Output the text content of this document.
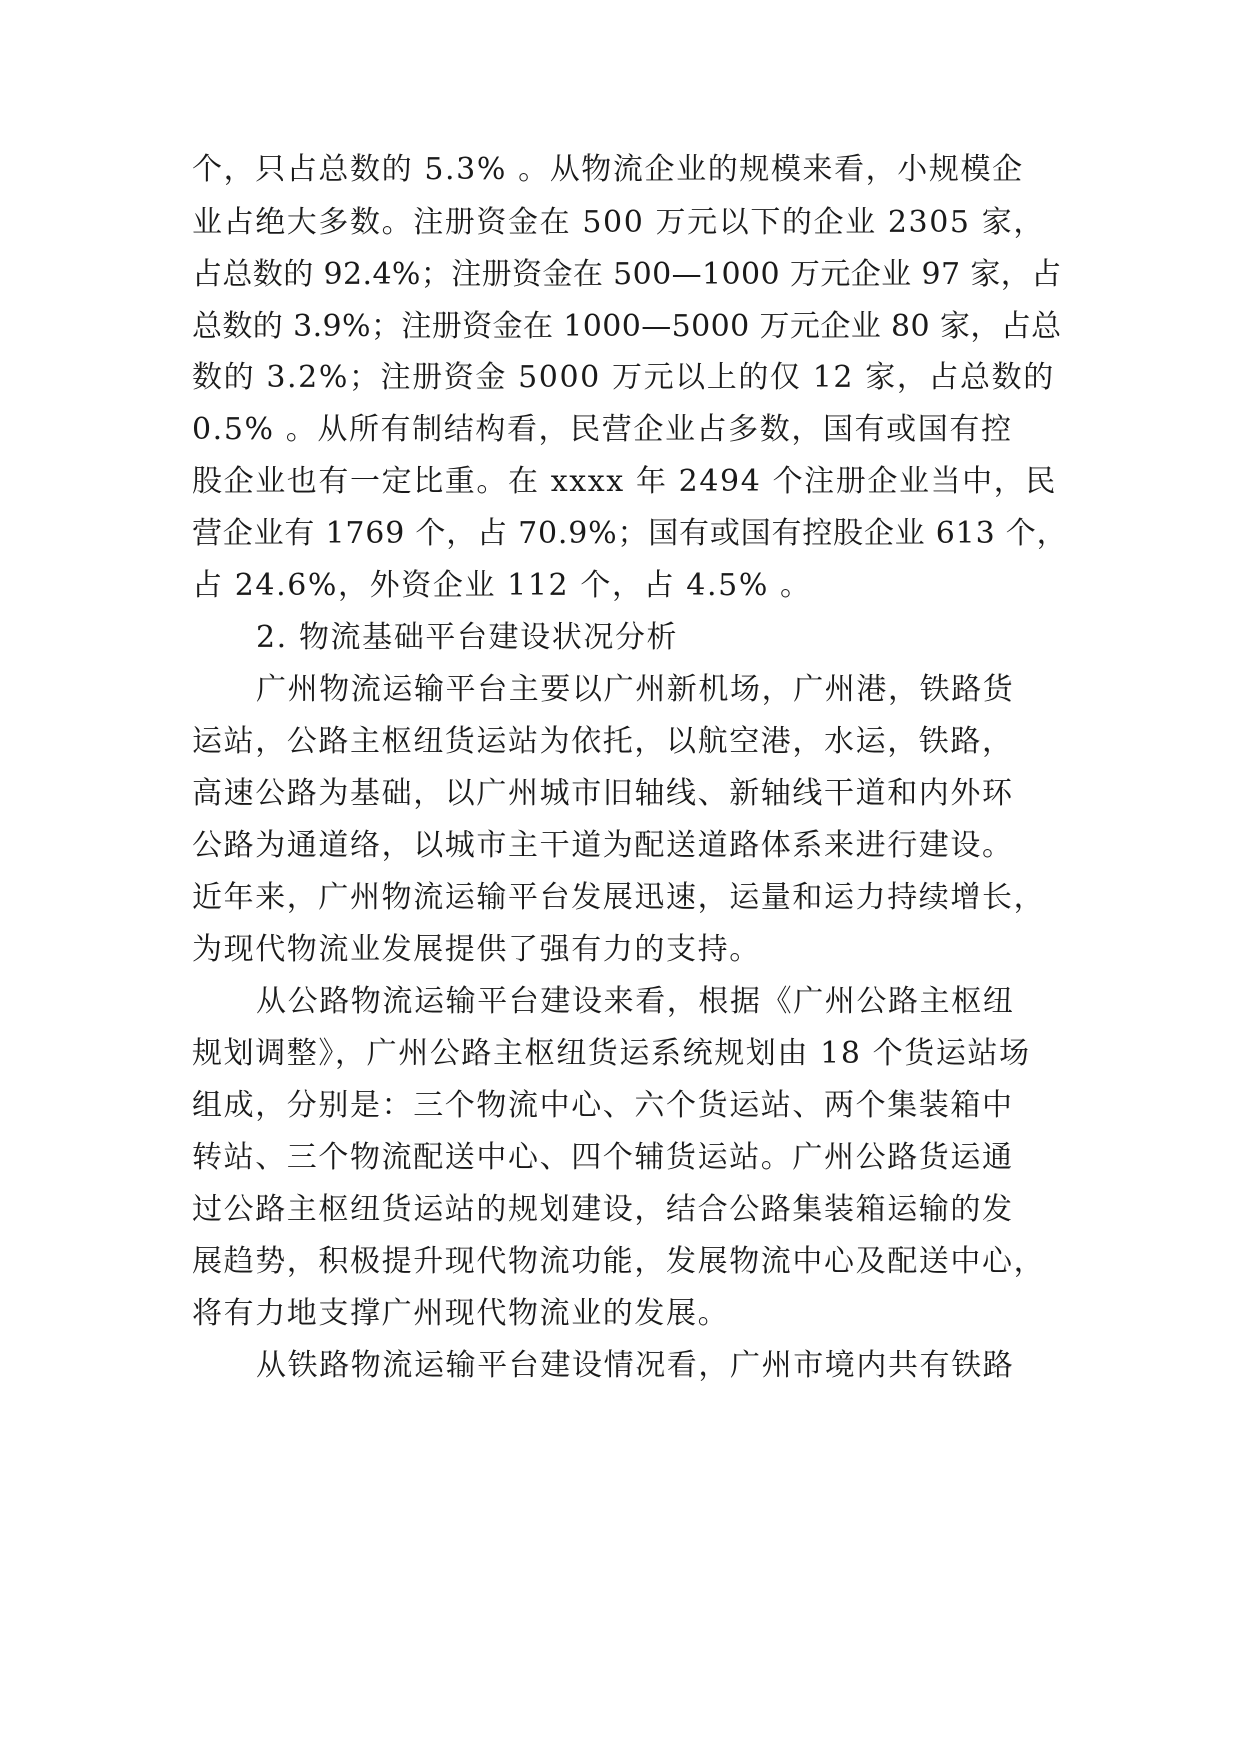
个，只占总数的 5.3% 。从物流企业的规模来看，小规模企
业占绝大多数。注册资金在 500 万元以下的企业 2305 家，
占总数的 92.4%；注册资金在 500—1000 万元企业 97 家，占
总数的 3.9%；注册资金在 1000—5000 万元企业 80 家，占总
数的 3.2%；注册资金 5000 万元以上的仅 12 家，占总数的
0.5% 。从所有制结构看，民营企业占多数，国有或国有控
股企业也有一定比重。在 xxxx 年 2494 个注册企业当中，民
营企业有 1769 个，占 70.9%；国有或国有控股企业 613 个，
占 24.6%，外资企业 112 个，占 4.5% 。
2. 物流基础平台建设状况分析
广州物流运输平台主要以广州新机场，广州港，铁路货
运站，公路主枢纽货运站为依托，以航空港，水运，铁路，
高速公路为基础，以广州城市旧轴线、新轴线干道和内外环
公路为通道络，以城市主干道为配送道路体系来进行建设。
近年来，广州物流运输平台发展迅速，运量和运力持续增长，
为现代物流业发展提供了强有力的支持。
从公路物流运输平台建设来看，根据《广州公路主枢纽
规划调整》，广州公路主枢纽货运系统规划由 18 个货运站场
组成，分别是：三个物流中心、六个货运站、两个集装箱中
转站、三个物流配送中心、四个辅货运站。广州公路货运通
过公路主枢纽货运站的规划建设，结合公路集装箱运输的发
展趋势，积极提升现代物流功能，发展物流中心及配送中心，
将有力地支撑广州现代物流业的发展。
从铁路物流运输平台建设情况看，广州市境内共有铁路
